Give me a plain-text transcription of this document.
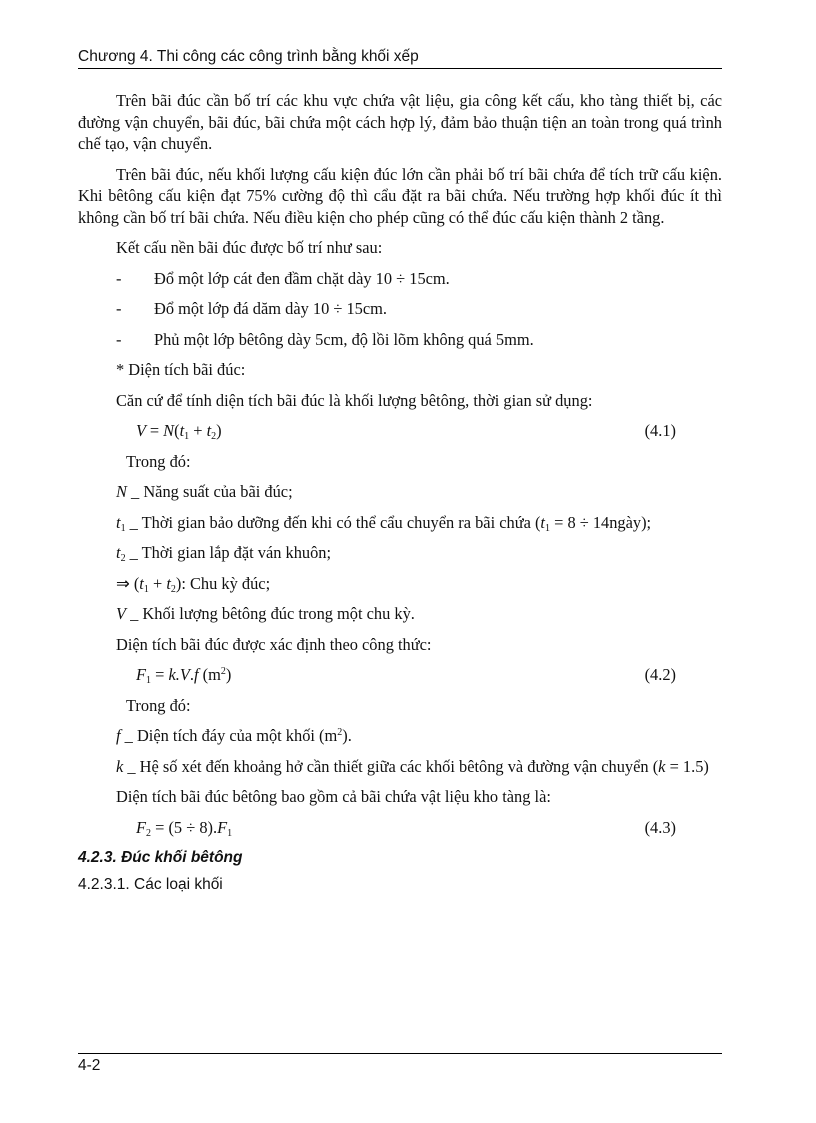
Chương 4. Thi công các công trình bằng khối xếp

Trên bãi đúc cần bố trí các khu vực chứa vật liệu, gia công kết cấu, kho tàng thiết bị, các đường vận chuyển, bãi đúc, bãi chứa một cách hợp lý, đảm bảo thuận tiện an toàn trong quá trình chế tạo, vận chuyển.

Trên bãi đúc, nếu khối lượng cấu kiện đúc lớn cần phải bố trí bãi chứa để tích trữ cấu kiện. Khi bêtông cấu kiện đạt 75% cường độ thì cẩu đặt ra bãi chứa. Nếu trường hợp khối đúc ít thì không cần bố trí bãi chứa. Nếu điều kiện cho phép cũng có thể đúc cấu kiện thành 2 tầng.

Kết cấu nền bãi đúc được bố trí như sau:

- Đổ một lớp cát đen đầm chặt dày 10 ÷ 15cm.

- Đổ một lớp đá dăm dày 10 ÷ 15cm.

- Phủ một lớp bêtông dày 5cm, độ lồi lõm không quá 5mm.

* Diện tích bãi đúc:

Căn cứ để tính diện tích bãi đúc là khối lượng bêtông, thời gian sử dụng:

$V = N(t_1 + t_2)$	(4.1)

Trong đó:

N _ Năng suất của bãi đúc;

$t_1$ _ Thời gian bảo dưỡng đến khi có thể cẩu chuyển ra bãi chứa ($t_1 = 8$ ÷ 14ngày);

$t_2$ _ Thời gian lắp đặt ván khuôn;

⇒ $(t_1 + t_2)$: Chu kỳ đúc;

V _ Khối lượng bêtông đúc trong một chu kỳ.

Diện tích bãi đúc được xác định theo công thức:

$F_1 = k.V.f$ $(m^2)$	(4.2)

Trong đó:

f _ Diện tích đáy của một khối $(m^2)$.

k _ Hệ số xét đến khoảng hở cần thiết giữa các khối bêtông và đường vận chuyển (k = 1.5)

Diện tích bãi đúc bêtông bao gồm cả bãi chứa vật liệu kho tàng là:

$F_2 = (5 \div 8).F_1$	(4.3)

4.2.3. Đúc khối bêtông

4.2.3.1. Các loại khối

4-2
